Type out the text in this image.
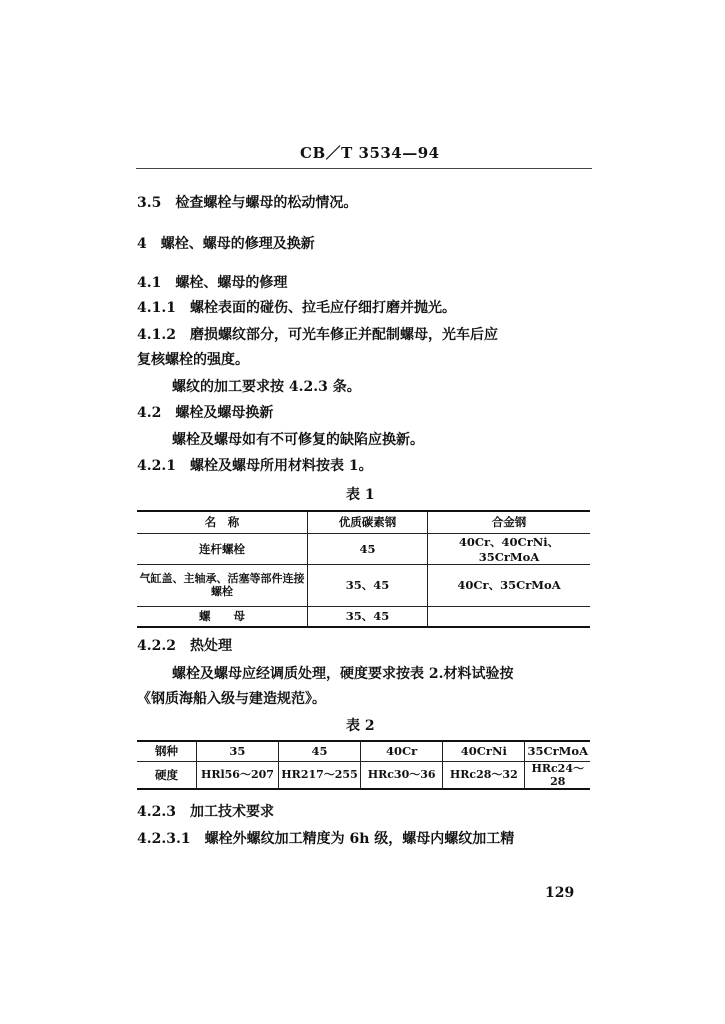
CB／T 3534—94
3.5 检查螺栓与螺母的松动情况。
4 螺栓、螺母的修理及换新
4.1 螺栓、螺母的修理
4.1.1 螺栓表面的碰伤、拉毛应仔细打磨并抛光。
4.1.2 磨损螺纹部分，可光车修正并配制螺母，光车后应
复核螺栓的强度。
螺纹的加工要求按 4.2.3 条。
4.2 螺栓及螺母换新
螺栓及螺母如有不可修复的缺陷应换新。
4.2.1 螺栓及螺母所用材料按表 1。
表 1
名　称	优质碳素钢	合金钢
连杆螺栓	45	40Cr、40CrNi、35CrMoA
气缸盖、主轴承、活塞等部件连接螺栓	35、45	40Cr、35CrMoA
螺　　母	35、45	
4.2.2 热处理
螺栓及螺母应经调质处理，硬度要求按表 2.材料试验按
《钢质海船入级与建造规范》。
表 2
钢种	35	45	40Cr	40CrNi	35CrMoA
硬度	HRl56～207	HR217～255	HRc30～36	HRc28～32	HRc24～28
4.2.3 加工技术要求
4.2.3.1 螺栓外螺纹加工精度为 6h 级，螺母内螺纹加工精
129
